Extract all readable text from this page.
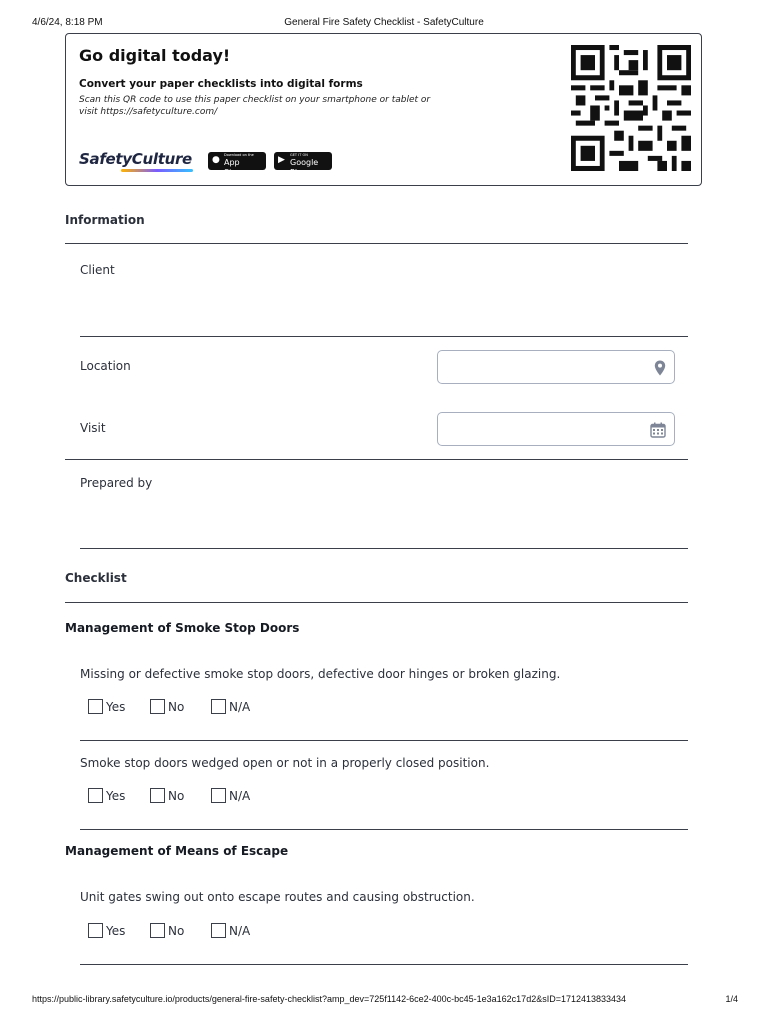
4/6/24, 8:18 PM	General Fire Safety Checklist - SafetyCulture
Go digital today!
Convert your paper checklists into digital forms
Scan this QR code to use this paper checklist on your smartphone or tablet or
visit https://safetyculture.com/
SafetyCulture ● Download on the
App Store
▶ GET IT ON
Google Play
Information
Client
Location
Visit
Prepared by
Checklist
Management of Smoke Stop Doors
Missing or defective smoke stop doors, defective door hinges or broken glazing.
Yes	No	N/A
Smoke stop doors wedged open or not in a properly closed position.
Yes	No	N/A
Management of Means of Escape
Unit gates swing out onto escape routes and causing obstruction.
Yes	No	N/A
https://public-library.safetyculture.io/products/general-fire-safety-checklist?amp_dev=725f1142-6ce2-400c-bc45-1e3a162c17d2&sID=1712413833434	1/4
